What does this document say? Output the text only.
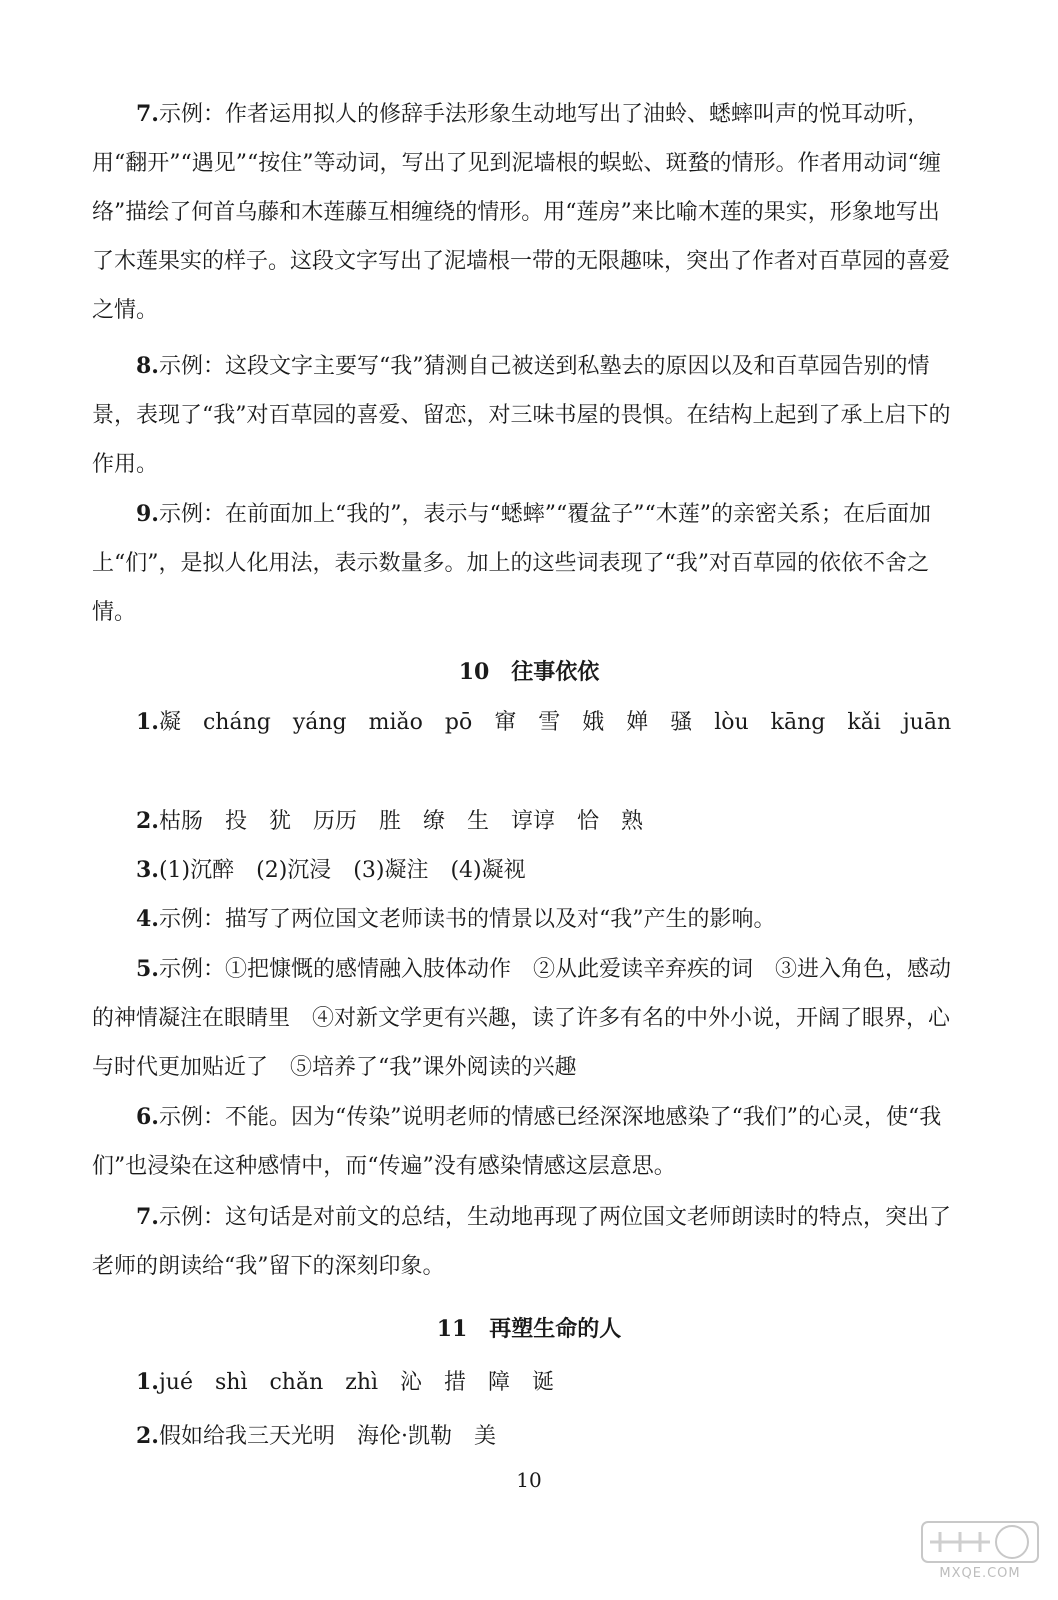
7.示例：作者运用拟人的修辞手法形象生动地写出了油蛉、蟋蟀叫声的悦耳动听，用“翻开”“遇见”“按住”等动词，写出了见到泥墙根的蜈蚣、斑蝥的情形。作者用动词“缠络”描绘了何首乌藤和木莲藤互相缠绕的情形。用“莲房”来比喻木莲的果实，形象地写出了木莲果实的样子。这段文字写出了泥墙根一带的无限趣味，突出了作者对百草园的喜爱之情。

8.示例：这段文字主要写“我”猜测自己被送到私塾去的原因以及和百草园告别的情景，表现了“我”对百草园的喜爱、留恋，对三味书屋的畏惧。在结构上起到了承上启下的作用。

9.示例：在前面加上“我的”，表示与“蟋蟀”“覆盆子”“木莲”的亲密关系；在后面加上“们”，是拟人化用法，表示数量多。加上的这些词表现了“我”对百草园的依依不舍之情。

10　往事依依

1.凝　cháng　yáng　miǎo　pō　窜　雪　娥　婵　骚　lòu　kāng　kǎi　juān

2.枯肠　投　犹　历历　胜　缭　生　谆谆　恰　熟

3.(1)沉醉　(2)沉浸　(3)凝注　(4)凝视

4.示例：描写了两位国文老师读书的情景以及对“我”产生的影响。

5.示例：①把慷慨的感情融入肢体动作　②从此爱读辛弃疾的词　③进入角色，感动的神情凝注在眼睛里　④对新文学更有兴趣，读了许多有名的中外小说，开阔了眼界，心与时代更加贴近了　⑤培养了“我”课外阅读的兴趣

6.示例：不能。因为“传染”说明老师的情感已经深深地感染了“我们”的心灵，使“我们”也浸染在这种感情中，而“传遍”没有感染情感这层意思。

7.示例：这句话是对前文的总结，生动地再现了两位国文老师朗读时的特点，突出了老师的朗读给“我”留下的深刻印象。

11　再塑生命的人

1.jué　shì　chǎn　zhì　沁　措　障　诞

2.假如给我三天光明　海伦·凯勒　美

10

MXQE.COM
